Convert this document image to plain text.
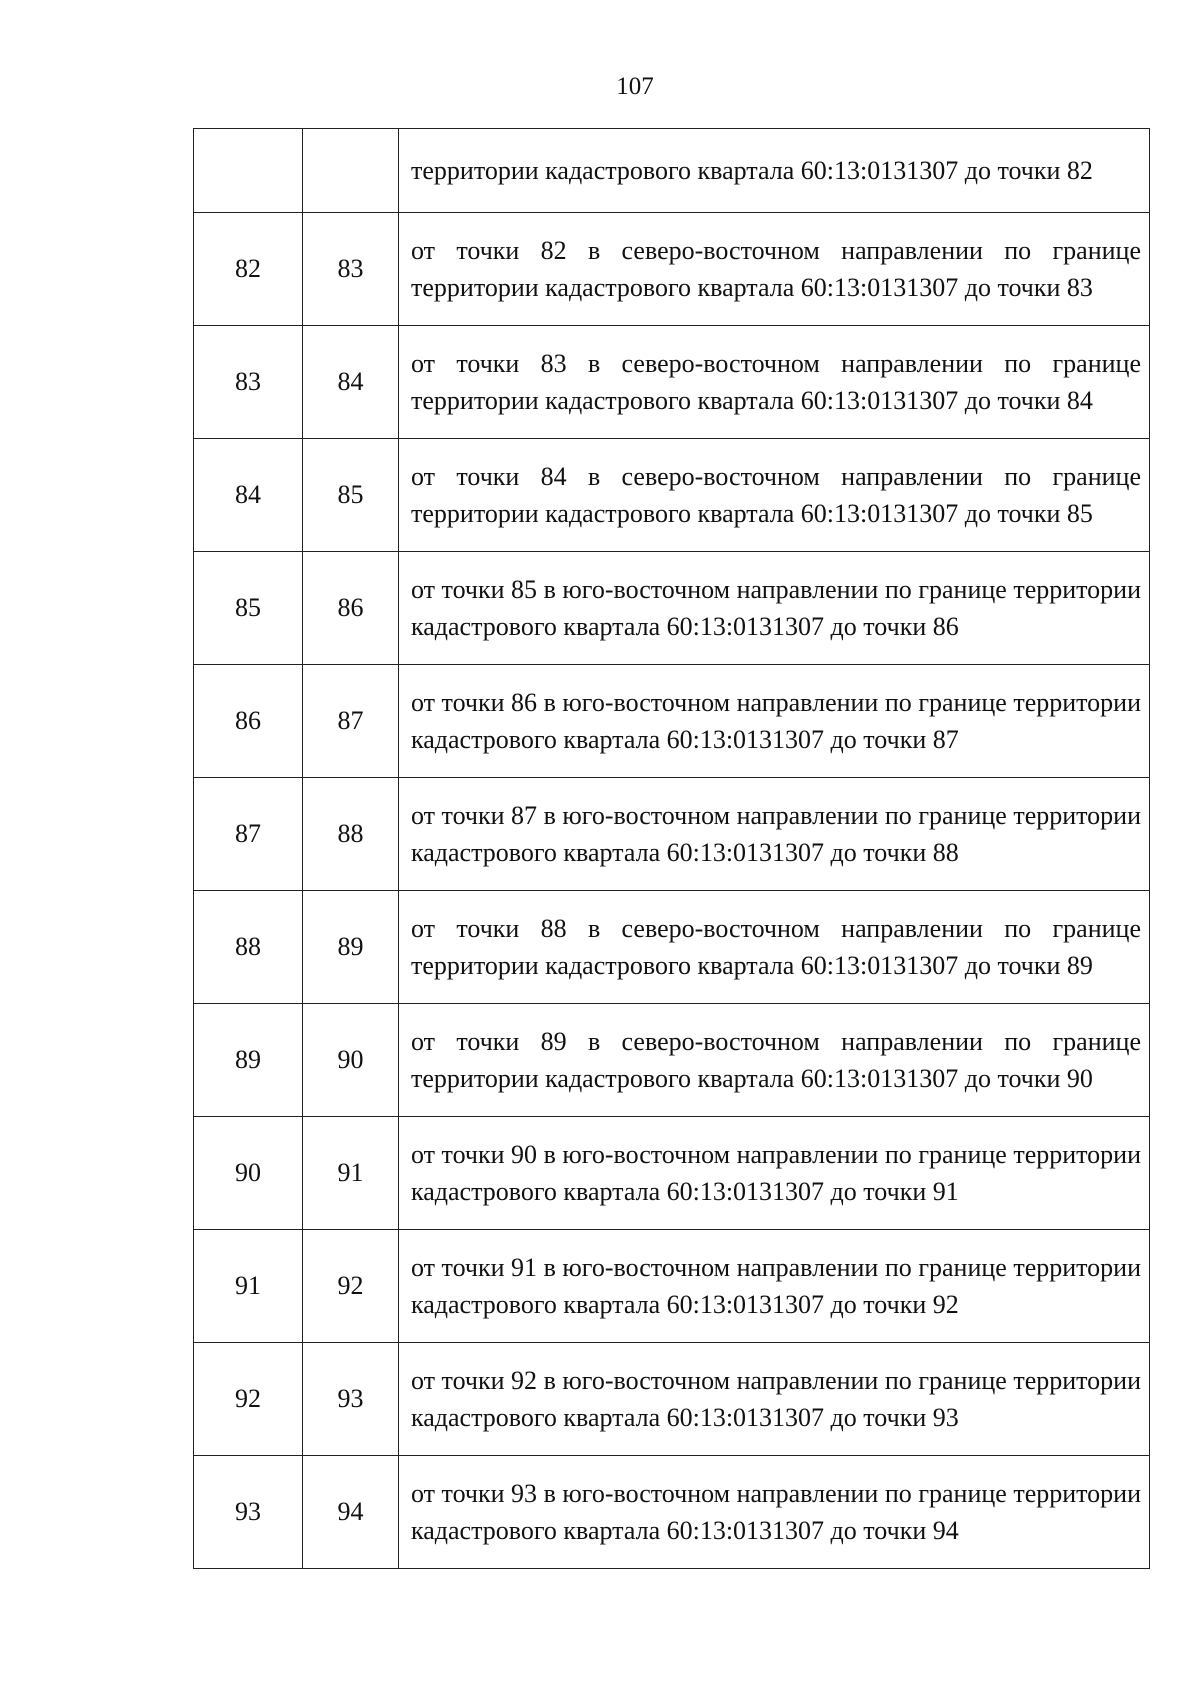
107
		территории кадастрового квартала 60:13:0131307 до точки 82
82	83	от точки 82 в северо-восточном направлении по границе территории кадастрового квартала 60:13:0131307 до точки 83
83	84	от точки 83 в северо-восточном направлении по границе территории кадастрового квартала 60:13:0131307 до точки 84
84	85	от точки 84 в северо-восточном направлении по границе территории кадастрового квартала 60:13:0131307 до точки 85
85	86	от точки 85 в юго-восточном направлении по границе территории кадастрового квартала 60:13:0131307 до точки 86
86	87	от точки 86 в юго-восточном направлении по границе территории кадастрового квартала 60:13:0131307 до точки 87
87	88	от точки 87 в юго-восточном направлении по границе территории кадастрового квартала 60:13:0131307 до точки 88
88	89	от точки 88 в северо-восточном направлении по границе территории кадастрового квартала 60:13:0131307 до точки 89
89	90	от точки 89 в северо-восточном направлении по границе территории кадастрового квартала 60:13:0131307 до точки 90
90	91	от точки 90 в юго-восточном направлении по границе территории кадастрового квартала 60:13:0131307 до точки 91
91	92	от точки 91 в юго-восточном направлении по границе территории кадастрового квартала 60:13:0131307 до точки 92
92	93	от точки 92 в юго-восточном направлении по границе территории кадастрового квартала 60:13:0131307 до точки 93
93	94	от точки 93 в юго-восточном направлении по границе территории кадастрового квартала 60:13:0131307 до точки 94
